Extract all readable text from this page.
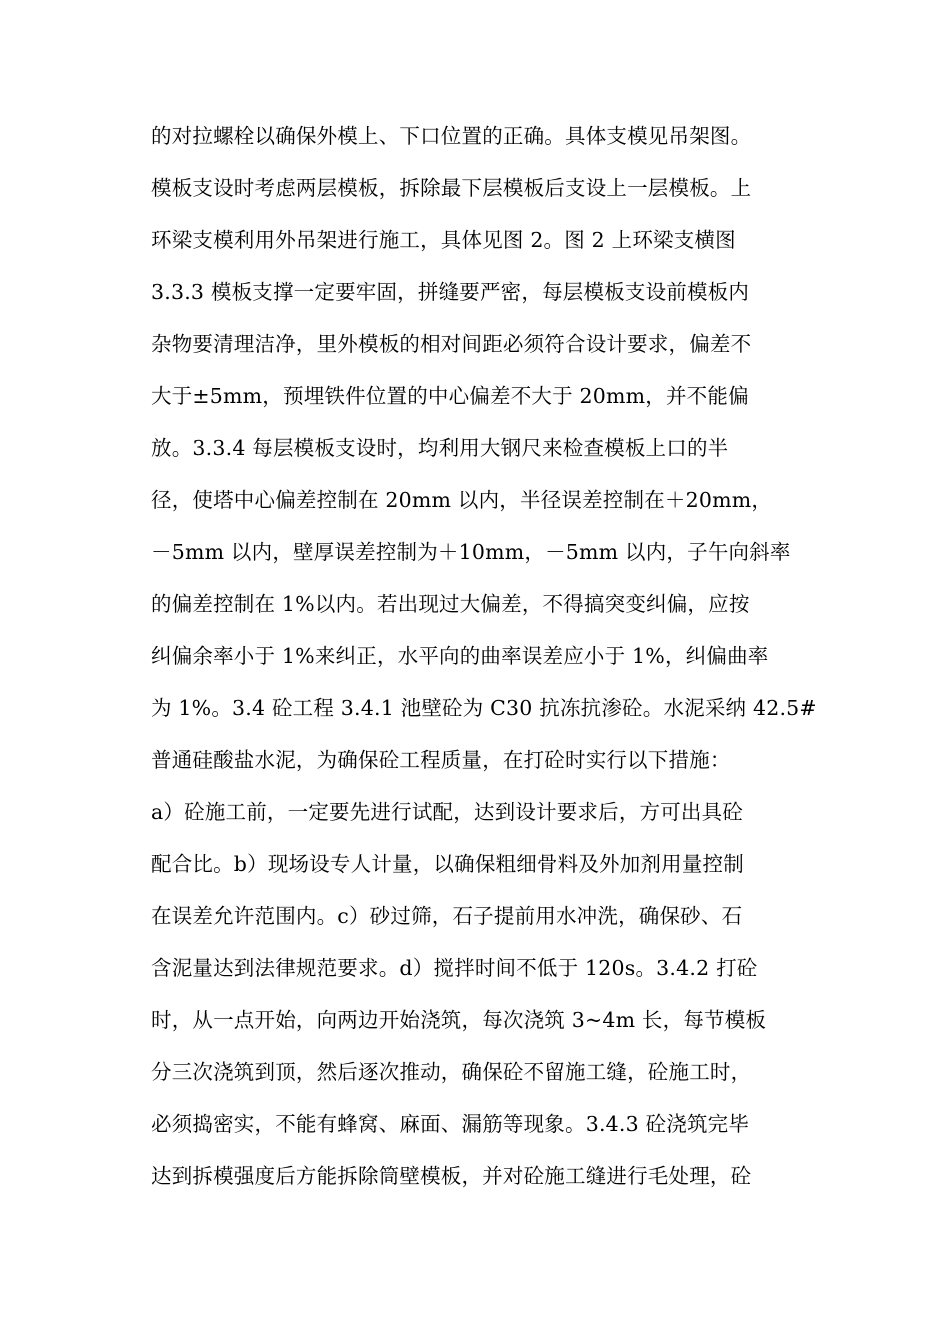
的对拉螺栓以确保外模上、下口位置的正确。具体支模见吊架图。
模板支设时考虑两层模板，拆除最下层模板后支设上一层模板。上
环梁支模利用外吊架进行施工，具体见图 2。图 2 上环梁支横图
3.3.3 模板支撑一定要牢固，拼缝要严密，每层模板支设前模板内
杂物要清理洁净，里外模板的相对间距必须符合设计要求，偏差不
大于±5mm，预埋铁件位置的中心偏差不大于 20mm，并不能偏
放。3.3.4 每层模板支设时，均利用大钢尺来检查模板上口的半
径，使塔中心偏差控制在 20mm 以内，半径误差控制在＋20mm，
－5mm 以内，壁厚误差控制为＋10mm，－5mm 以内，子午向斜率
的偏差控制在 1%以内。若出现过大偏差，不得搞突变纠偏，应按
纠偏余率小于 1%来纠正，水平向的曲率误差应小于 1%，纠偏曲率
为 1%。3.4 砼工程 3.4.1 池壁砼为 C30 抗冻抗渗砼。水泥采纳 42.5#
普通硅酸盐水泥，为确保砼工程质量，在打砼时实行以下措施：
a）砼施工前，一定要先进行试配，达到设计要求后，方可出具砼
配合比。b）现场设专人计量，以确保粗细骨料及外加剂用量控制
在误差允许范围内。c）砂过筛，石子提前用水冲洗，确保砂、石
含泥量达到法律规范要求。d）搅拌时间不低于 120s。3.4.2 打砼
时，从一点开始，向两边开始浇筑，每次浇筑 3~4m 长，每节模板
分三次浇筑到顶，然后逐次推动，确保砼不留施工缝，砼施工时，
必须捣密实，不能有蜂窝、麻面、漏筋等现象。3.4.3 砼浇筑完毕
达到拆模强度后方能拆除筒壁模板，并对砼施工缝进行毛处理，砼
